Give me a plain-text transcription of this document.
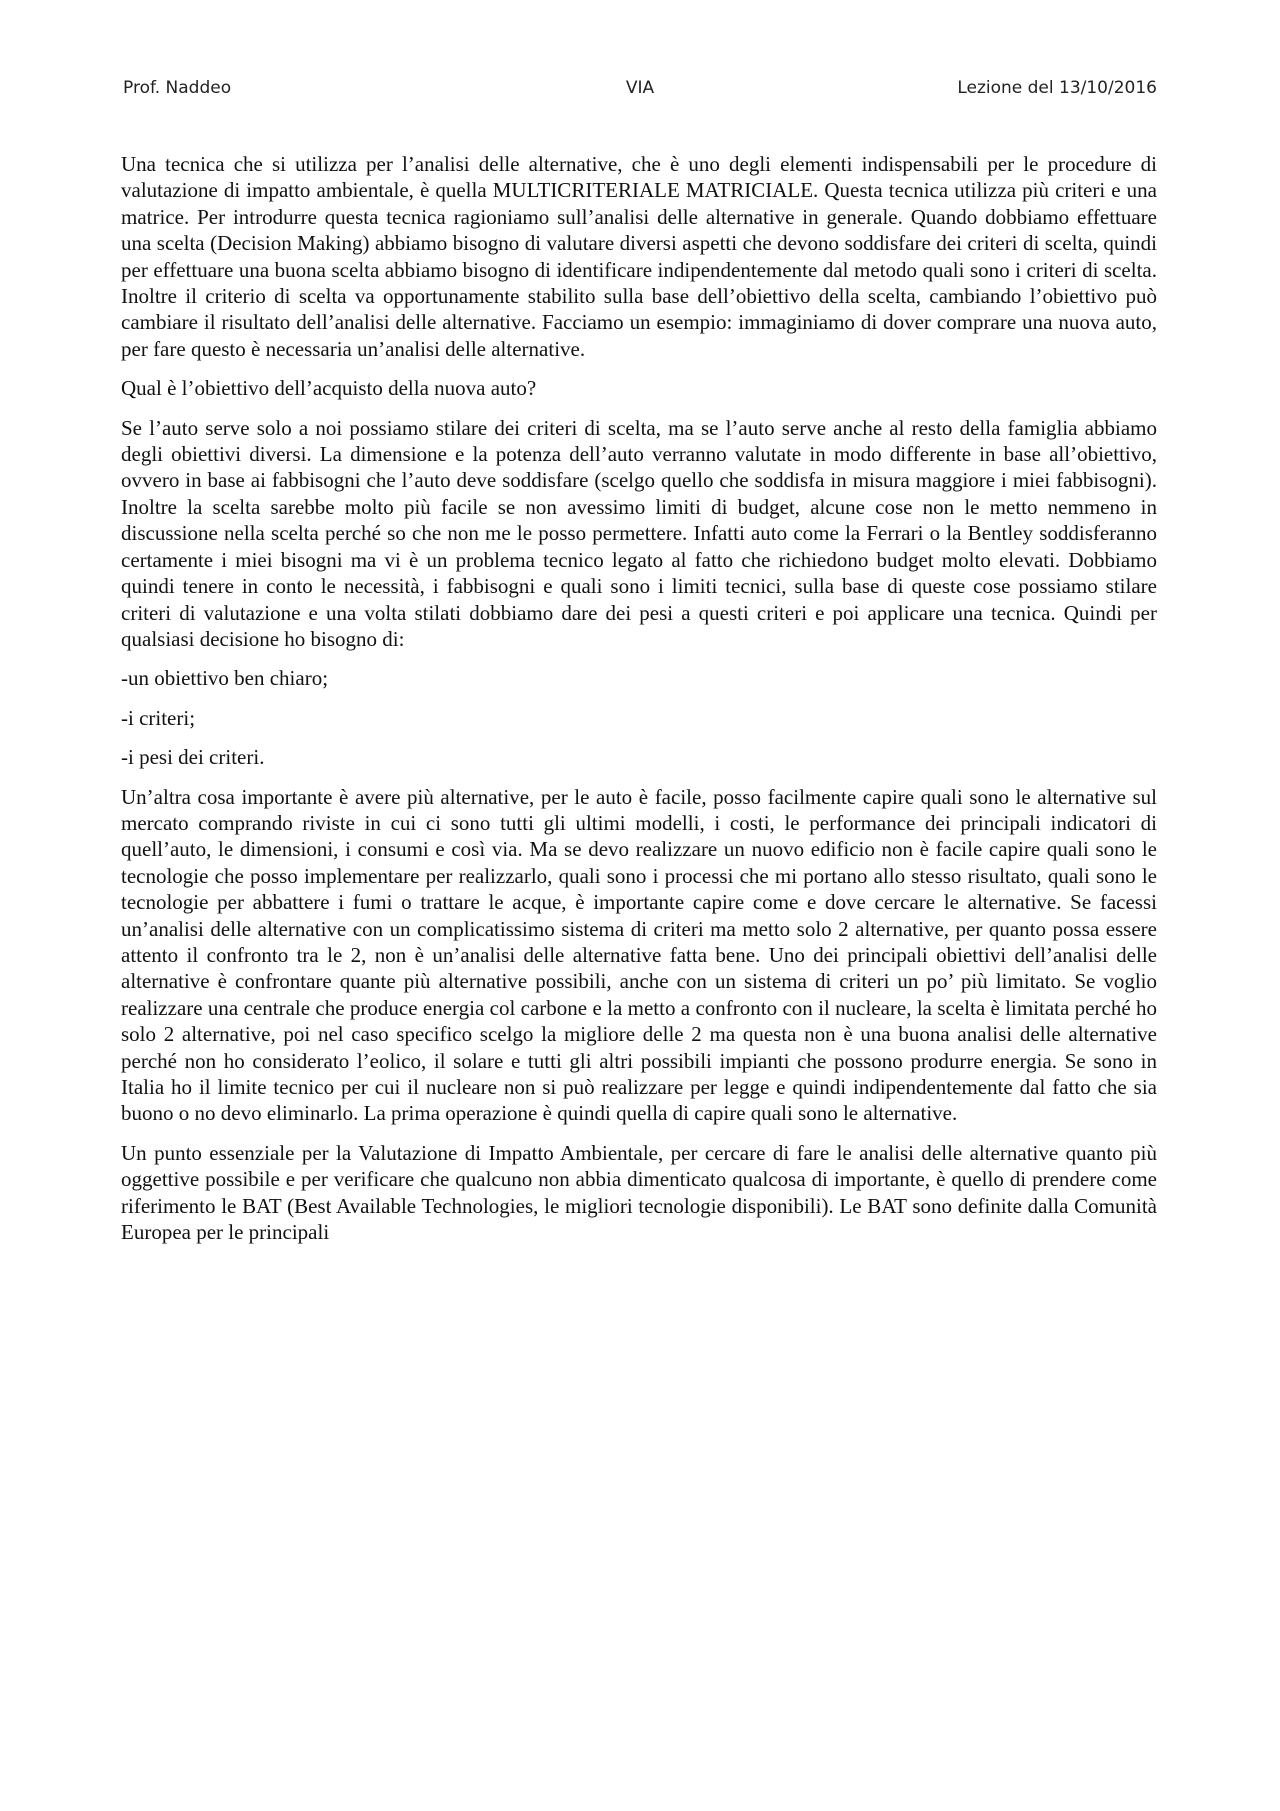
Prof. Naddeo	VIA	Lezione del 13/10/2016

Una tecnica che si utilizza per l’analisi delle alternative, che è uno degli elementi indispensabili per le procedure di valutazione di impatto ambientale, è quella MULTICRITERIALE MATRICIALE. Questa tecnica utilizza più criteri e una matrice. Per introdurre questa tecnica ragioniamo sull’analisi delle alternative in generale. Quando dobbiamo effettuare una scelta (Decision Making) abbiamo bisogno di valutare diversi aspetti che devono soddisfare dei criteri di scelta, quindi per effettuare una buona scelta abbiamo bisogno di identificare indipendentemente dal metodo quali sono i criteri di scelta. Inoltre il criterio di scelta va opportunamente stabilito sulla base dell’obiettivo della scelta, cambiando l’obiettivo può cambiare il risultato dell’analisi delle alternative. Facciamo un esempio: immaginiamo di dover comprare una nuova auto, per fare questo è necessaria un’analisi delle alternative.

Qual è l’obiettivo dell’acquisto della nuova auto?

Se l’auto serve solo a noi possiamo stilare dei criteri di scelta, ma se l’auto serve anche al resto della famiglia abbiamo degli obiettivi diversi. La dimensione e la potenza dell’auto verranno valutate in modo differente in base all’obiettivo, ovvero in base ai fabbisogni che l’auto deve soddisfare (scelgo quello che soddisfa in misura maggiore i miei fabbisogni). Inoltre la scelta sarebbe molto più facile se non avessimo limiti di budget, alcune cose non le metto nemmeno in discussione nella scelta perché so che non me le posso permettere. Infatti auto come la Ferrari o la Bentley soddisferanno certamente i miei bisogni ma vi è un problema tecnico legato al fatto che richiedono budget molto elevati. Dobbiamo quindi tenere in conto le necessità, i fabbisogni e quali sono i limiti tecnici, sulla base di queste cose possiamo stilare criteri di valutazione e una volta stilati dobbiamo dare dei pesi a questi criteri e poi applicare una tecnica. Quindi per qualsiasi decisione ho bisogno di:

-un obiettivo ben chiaro;

-i criteri;

-i pesi dei criteri.

Un’altra cosa importante è avere più alternative, per le auto è facile, posso facilmente capire quali sono le alternative sul mercato comprando riviste in cui ci sono tutti gli ultimi modelli, i costi, le performance dei principali indicatori di quell’auto, le dimensioni, i consumi e così via. Ma se devo realizzare un nuovo edificio non è facile capire quali sono le tecnologie che posso implementare per realizzarlo, quali sono i processi che mi portano allo stesso risultato, quali sono le tecnologie per abbattere i fumi o trattare le acque, è importante capire come e dove cercare le alternative. Se facessi un’analisi delle alternative con un complicatissimo sistema di criteri ma metto solo 2 alternative, per quanto possa essere attento il confronto tra le 2, non è un’analisi delle alternative fatta bene. Uno dei principali obiettivi dell’analisi delle alternative è confrontare quante più alternative possibili, anche con un sistema di criteri un po’ più limitato. Se voglio realizzare una centrale che produce energia col carbone e la metto a confronto con il nucleare, la scelta è limitata perché ho solo 2 alternative, poi nel caso specifico scelgo la migliore delle 2 ma questa non è una buona analisi delle alternative perché non ho considerato l’eolico, il solare e tutti gli altri possibili impianti che possono produrre energia. Se sono in Italia ho il limite tecnico per cui il nucleare non si può realizzare per legge e quindi indipendentemente dal fatto che sia buono o no devo eliminarlo. La prima operazione è quindi quella di capire quali sono le alternative.

Un punto essenziale per la Valutazione di Impatto Ambientale, per cercare di fare le analisi delle alternative quanto più oggettive possibile e per verificare che qualcuno non abbia dimenticato qualcosa di importante, è quello di prendere come riferimento le BAT (Best Available Technologies, le migliori tecnologie disponibili). Le BAT sono definite dalla Comunità Europea per le principali
